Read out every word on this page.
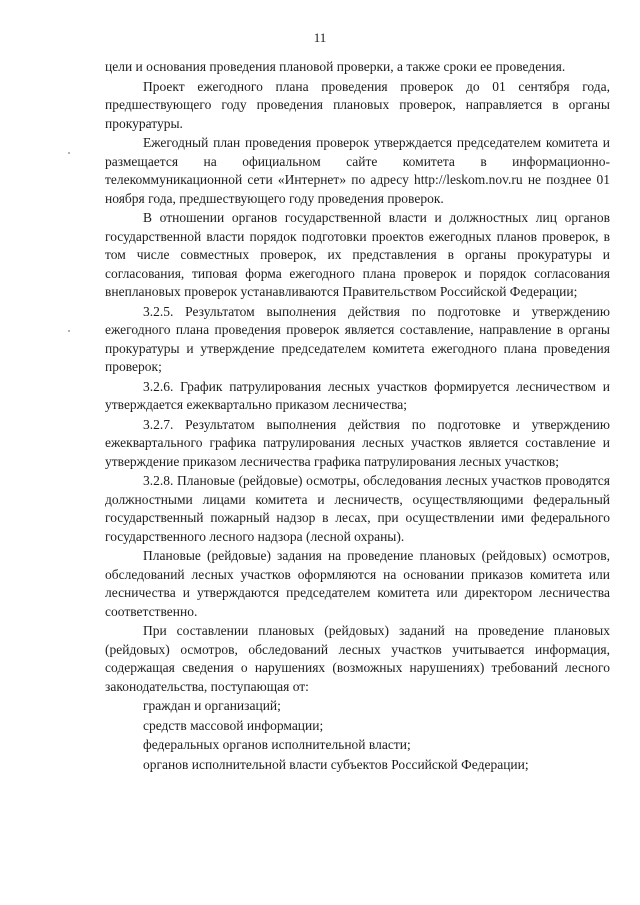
11

цели и основания проведения плановой проверки, а также сроки ее проведения.

Проект ежегодного плана проведения проверок до 01 сентября года, предшествующего году проведения плановых проверок, направляется в органы прокуратуры.

Ежегодный план проведения проверок утверждается председателем комитета и размещается на официальном сайте комитета в информационно-телекоммуникационной сети «Интернет» по адресу http://leskom.nov.ru не позднее 01 ноября года, предшествующего году проведения проверок.

В отношении органов государственной власти и должностных лиц органов государственной власти порядок подготовки проектов ежегодных планов проверок, в том числе совместных проверок, их представления в органы прокуратуры и согласования, типовая форма ежегодного плана проверок и порядок согласования внеплановых проверок устанавливаются Правительством Российской Федерации;

3.2.5. Результатом выполнения действия по подготовке и утверждению ежегодного плана проведения проверок является составление, направление в органы прокуратуры и утверждение председателем комитета ежегодного плана проведения проверок;

3.2.6. График патрулирования лесных участков формируется лесничеством и утверждается ежеквартально приказом лесничества;

3.2.7. Результатом выполнения действия по подготовке и утверждению ежеквартального графика патрулирования лесных участков является составление и утверждение приказом лесничества графика патрулирования лесных участков;

3.2.8. Плановые (рейдовые) осмотры, обследования лесных участков проводятся должностными лицами комитета и лесничеств, осуществляющими федеральный государственный пожарный надзор в лесах, при осуществлении ими федерального государственного лесного надзора (лесной охраны).

Плановые (рейдовые) задания на проведение плановых (рейдовых) осмотров, обследований лесных участков оформляются на основании приказов комитета или лесничества и утверждаются председателем комитета или директором лесничества соответственно.

При составлении плановых (рейдовых) заданий на проведение плановых (рейдовых) осмотров, обследований лесных участков учитывается информация, содержащая сведения о нарушениях (возможных нарушениях) требований лесного законодательства, поступающая от:

граждан и организаций;

средств массовой информации;

федеральных органов исполнительной власти;

органов исполнительной власти субъектов Российской Федерации;
